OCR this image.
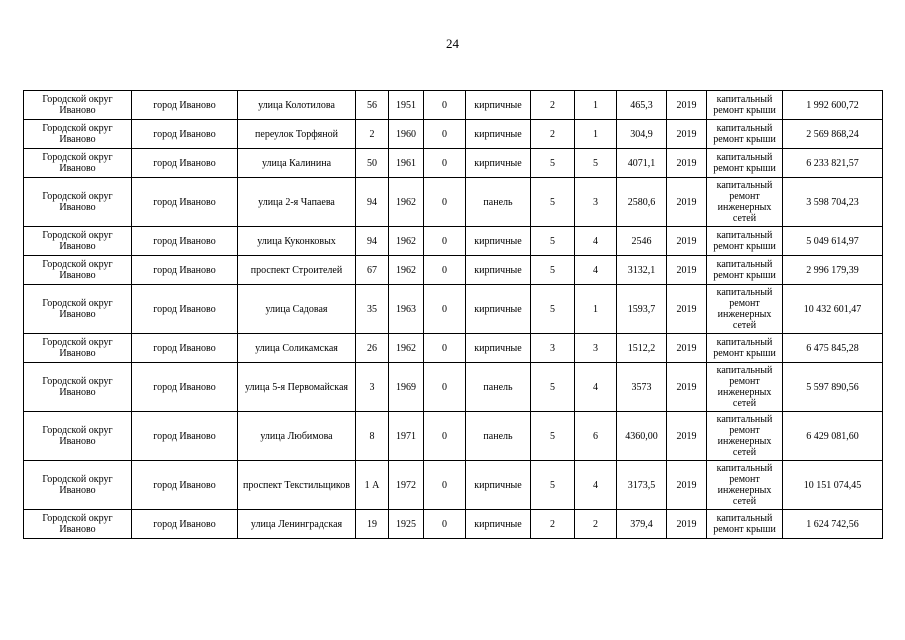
24
Городской округ Иваново	город Иваново	улица Колотилова	56	1951	0	кирпичные	2	1	465,3	2019	капитальный ремонт крыши	1 992 600,72
Городской округ Иваново	город Иваново	переулок Торфяной	2	1960	0	кирпичные	2	1	304,9	2019	капитальный ремонт крыши	2 569 868,24
Городской округ Иваново	город Иваново	улица Калинина	50	1961	0	кирпичные	5	5	4071,1	2019	капитальный ремонт крыши	6 233 821,57
Городской округ Иваново	город Иваново	улица 2-я Чапаева	94	1962	0	панель	5	3	2580,6	2019	капитальный ремонт инженерных сетей	3 598 704,23
Городской округ Иваново	город Иваново	улица Куконковых	94	1962	0	кирпичные	5	4	2546	2019	капитальный ремонт крыши	5 049 614,97
Городской округ Иваново	город Иваново	проспект Строителей	67	1962	0	кирпичные	5	4	3132,1	2019	капитальный ремонт крыши	2 996 179,39
Городской округ Иваново	город Иваново	улица Садовая	35	1963	0	кирпичные	5	1	1593,7	2019	капитальный ремонт инженерных сетей	10 432 601,47
Городской округ Иваново	город Иваново	улица Соликамская	26	1962	0	кирпичные	3	3	1512,2	2019	капитальный ремонт крыши	6 475 845,28
Городской округ Иваново	город Иваново	улица 5-я Первомайская	3	1969	0	панель	5	4	3573	2019	капитальный ремонт инженерных сетей	5 597 890,56
Городской округ Иваново	город Иваново	улица Любимова	8	1971	0	панель	5	6	4360,00	2019	капитальный ремонт инженерных сетей	6 429 081,60
Городской округ Иваново	город Иваново	проспект Текстильщиков	1 А	1972	0	кирпичные	5	4	3173,5	2019	капитальный ремонт инженерных сетей	10 151 074,45
Городской округ Иваново	город Иваново	улица Ленинградская	19	1925	0	кирпичные	2	2	379,4	2019	капитальный ремонт крыши	1 624 742,56
